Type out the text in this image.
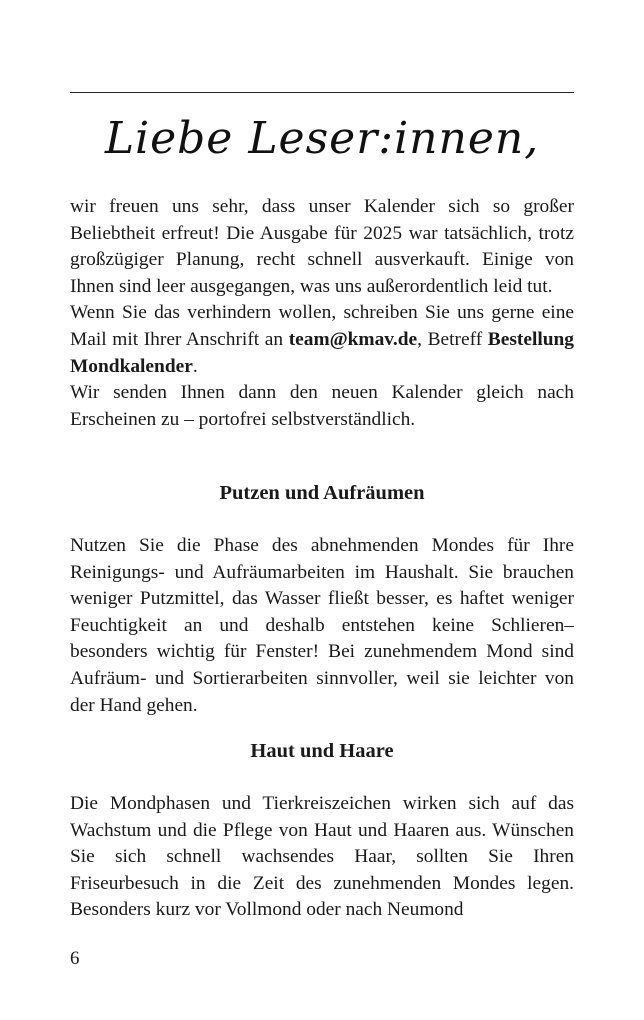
Liebe Leser:innen,

wir freuen uns sehr, dass unser Kalender sich so großer Beliebtheit erfreut! Die Ausgabe für 2025 war tatsächlich, trotz großzügiger Planung, recht schnell ausverkauft. Einige von Ihnen sind leer ausgegangen, was uns außerordentlich leid tut.

Wenn Sie das verhindern wollen, schreiben Sie uns gerne eine Mail mit Ihrer Anschrift an team@kmav.de, Betreff Bestellung Mondkalender.

Wir senden Ihnen dann den neuen Kalender gleich nach Erscheinen zu – portofrei selbstverständlich.

Putzen und Aufräumen

Nutzen Sie die Phase des abnehmenden Mondes für Ihre Reinigungs- und Aufräumarbeiten im Haushalt. Sie brauchen weniger Putzmittel, das Wasser fließt besser, es haftet weniger Feuchtigkeit an und deshalb entstehen keine Schlieren– besonders wichtig für Fenster! Bei zunehmendem Mond sind Aufräum- und Sortierarbeiten sinnvoller, weil sie leichter von der Hand gehen.

Haut und Haare

Die Mondphasen und Tierkreiszeichen wirken sich auf das Wachstum und die Pflege von Haut und Haaren aus. Wünschen Sie sich schnell wachsendes Haar, sollten Sie Ihren Friseurbesuch in die Zeit des zunehmenden Mondes legen. Besonders kurz vor Vollmond oder nach Neumond

6
